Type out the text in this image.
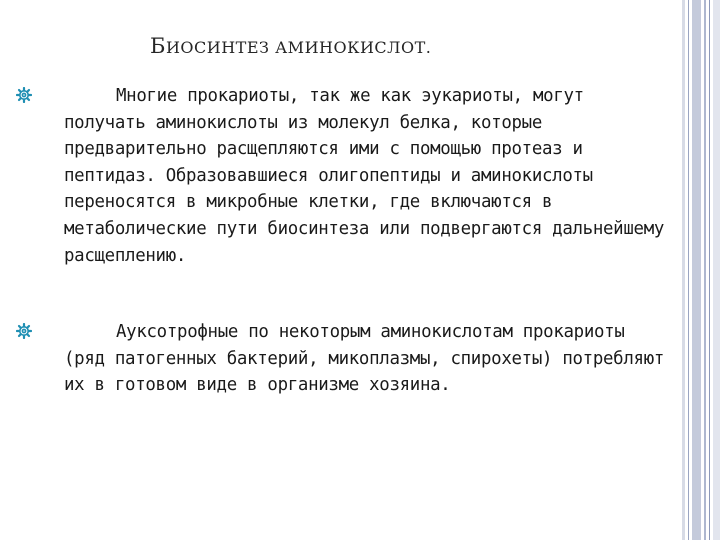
БИОСИНТЕЗ АМИНОКИСЛОТ.
Многие прокариоты, так же как эукариоты, могут получать аминокислоты из молекул белка, которые предварительно расщепляются ими с помощью протеаз и пептидаз. Образовавшиеся олигопептиды и аминокислоты переносятся в микробные клетки, где включаются в метаболические пути биосинтеза или подвергаются дальнейшему расщеплению.
Ауксотрофные по некоторым аминокислотам прокариоты (ряд патогенных бактерий, микоплазмы, спирохеты) потребляют их в готовом виде в организме хозяина.
